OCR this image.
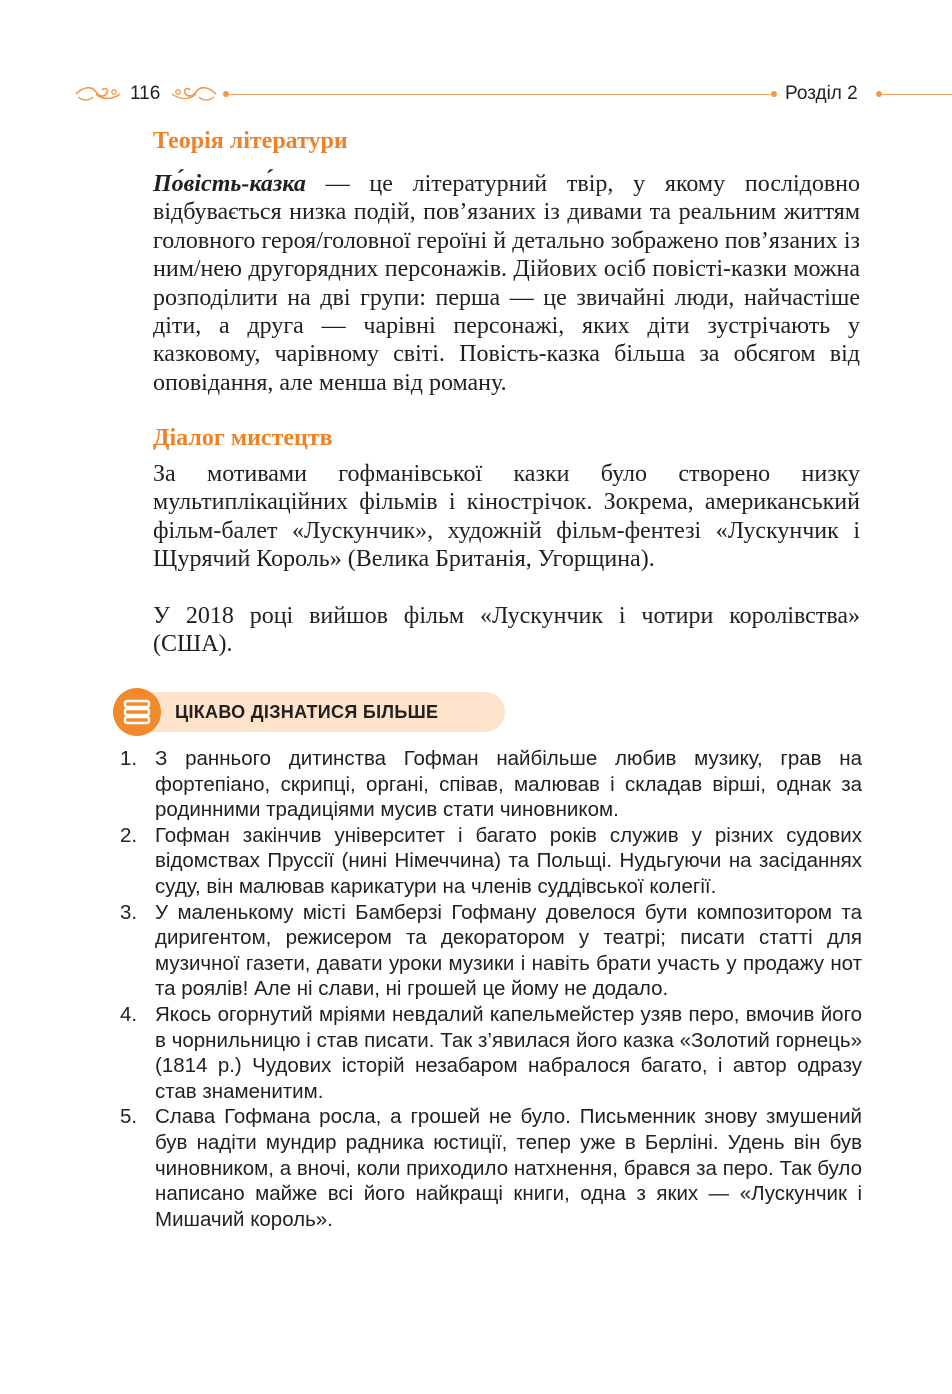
116	Розділ 2
Теорія літератури
По́вість-ка́зка — це літературний твір, у якому послідовно відбувається низка подій, пов’язаних із дивами та реальним життям головного героя/головної героїні й детально зображено пов’язаних із ним/нею другорядних персонажів. Дійових осіб повісті-казки можна розподілити на дві групи: перша — це звичайні люди, найчастіше діти, а друга — чарівні персонажі, яких діти зустрічають у казковому, чарівному світі. Повість-казка більша за обсягом від оповідання, але менша від роману.
Діалог мистецтв
За мотивами гофманівської казки було створено низку мультиплікаційних фільмів і кінострічок. Зокрема, американський фільм-балет «Лускунчик», художній фільм-фентезі «Лускунчик і Щурячий Король» (Велика Британія, Угорщина).
У 2018 році вийшов фільм «Лускунчик і чотири королівства» (США).
ЦІКАВО ДІЗНАТИСЯ БІЛЬШЕ
1. З раннього дитинства Гофман найбільше любив музику, грав на фортепіано, скрипці, органі, співав, малював і складав вірші, однак за родинними традиціями мусив стати чиновником.
2. Гофман закінчив університет і багато років служив у різних судових відомствах Пруссії (нині Німеччина) та Польщі. Нудьгуючи на засіданнях суду, він малював карикатури на членів суддівської колегії.
3. У маленькому місті Бамберзі Гофману довелося бути композитором та диригентом, режисером та декоратором у театрі; писати статті для музичної газети, давати уроки музики і навіть брати участь у продажу нот та роялів! Але ні слави, ні грошей це йому не додало.
4. Якось огорнутий мріями невдалий капельмейстер узяв перо, вмочив його в чорнильницю і став писати. Так з’явилася його казка «Золотий горнець» (1814 р.) Чудових історій незабаром набралося багато, і автор одразу став знаменитим.
5. Слава Гофмана росла, а грошей не було. Письменник знову змушений був надіти мундир радника юстиції, тепер уже в Берліні. Удень він був чиновником, а вночі, коли приходило натхнення, брався за перо. Так було написано майже всі його найкращі книги, одна з яких — «Лускунчик і Мишачий король».
